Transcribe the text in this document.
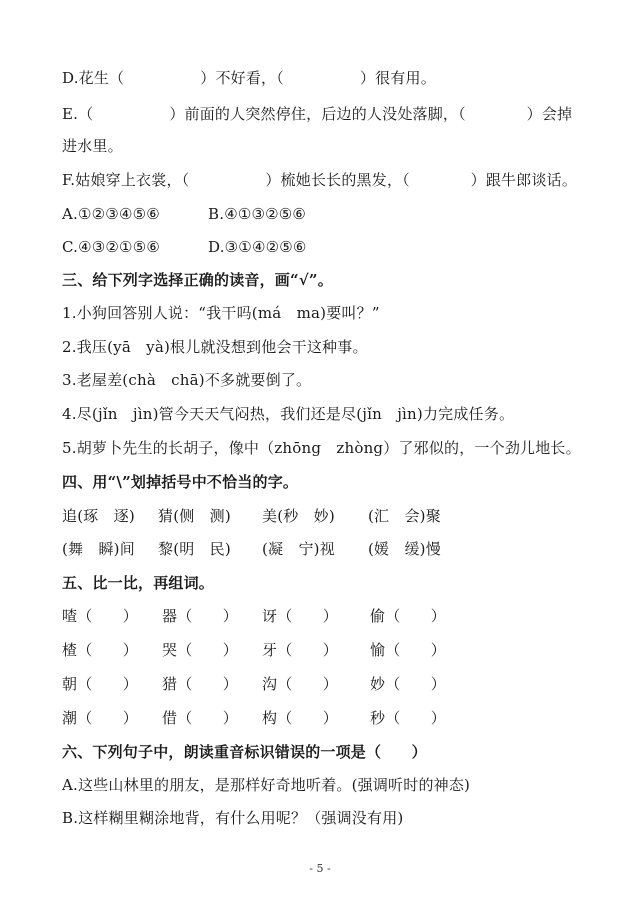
D.花生（　　　　　）不好看，（　　　　　）很有用。
E.（　　　　　）前面的人突然停住，后边的人没处落脚，（　　　　）会掉
进水里。
F.姑娘穿上衣裳，（　　　　　）梳她长长的黑发，（　　　　）跟牛郎谈话。
A.①②③④⑤⑥	B.④①③②⑤⑥
C.④③②①⑤⑥	D.③①④②⑤⑥
三、给下列字选择正确的读音，画“√”。
1.小狗回答别人说：“我干吗(má　ma)要叫？”
2.我压(yā　yà)根儿就没想到他会干这种事。
3.老屋差(chà　chā)不多就要倒了。
4.尽(jǐn　jìn)管今天天气闷热，我们还是尽(jǐn　jìn)力完成任务。
5.胡萝卜先生的长胡子，像中（zhōng　zhòng）了邪似的，一个劲儿地长。
四、用“\”划掉括号中不恰当的字。
追(琢　逐) 猜(侧　测) 美(秒　妙) (汇　会)聚
(舞　瞬)间 黎(明　民) (凝　宁)视 (媛　缓)慢
五、比一比，再组词。
喳（　　） 器（　　） 讶（　　） 偷（　　）
楂（　　） 哭（　　） 牙（　　） 愉（　　）
朝（　　） 猎（　　） 沟（　　） 妙（　　）
潮（　　） 借（　　） 构（　　） 秒（　　）
六、下列句子中，朗读重音标识错误的一项是（　　）
A.这些山林里的朋友，是那样好奇地听着。(强调听时的神态)
B.这样糊里糊涂地背，有什么用呢？（强调没有用)
- 5 -
